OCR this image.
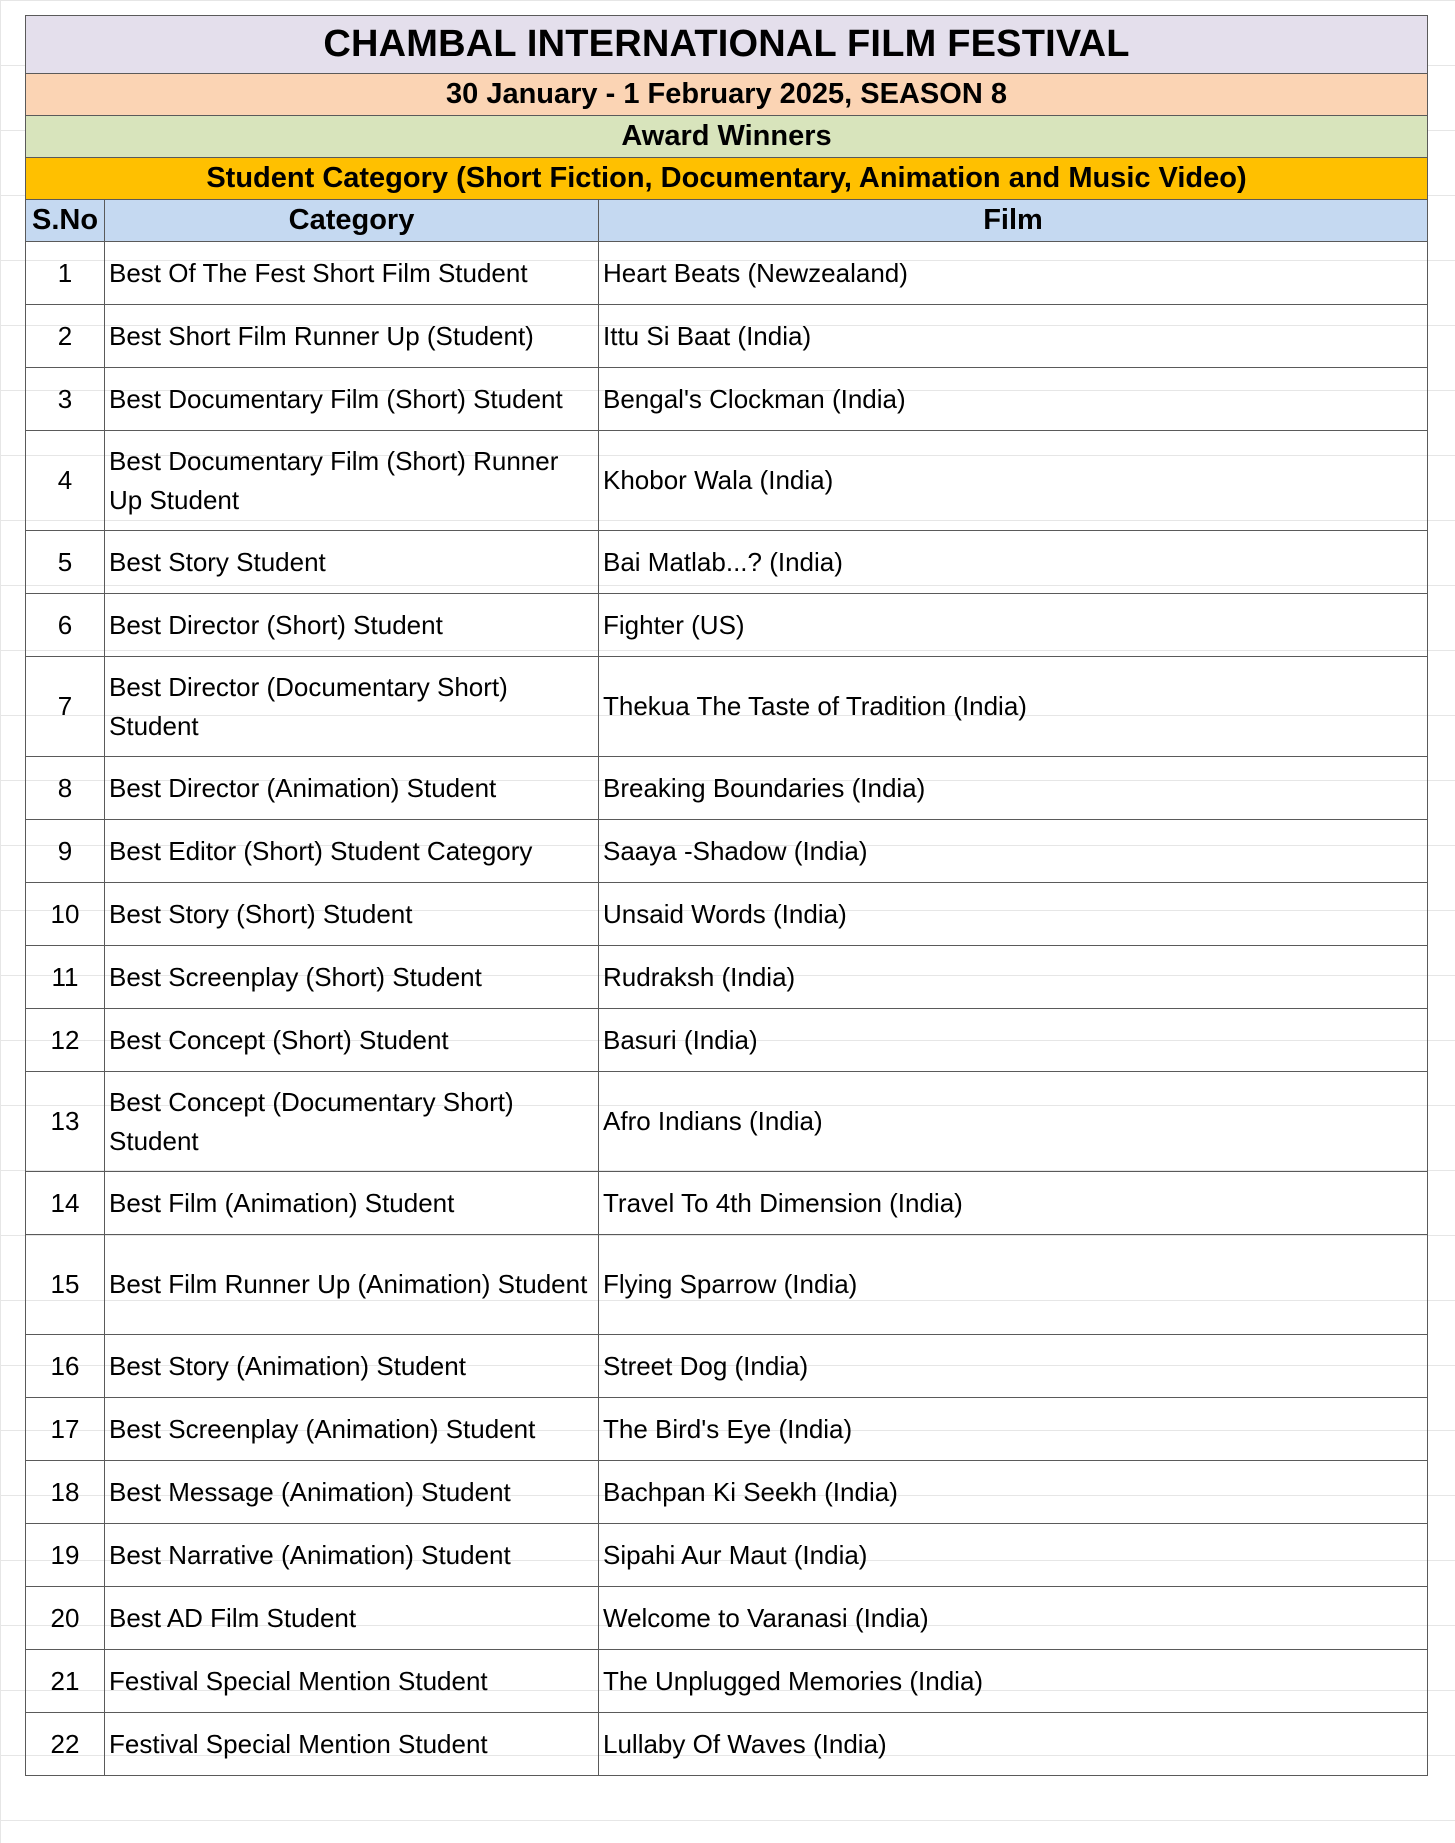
CHAMBAL INTERNATIONAL FILM FESTIVAL		
30 January - 1 February 2025, SEASON 8		
Award Winners		
Student Category (Short Fiction, Documentary, Animation and Music Video)		
S.No	Category	Film
1	Best Of The Fest Short Film Student	Heart Beats (Newzealand)
2	Best Short Film Runner Up (Student)	Ittu Si Baat (India)
3	Best Documentary Film (Short) Student	Bengal's Clockman (India)
4	Best Documentary Film (Short) Runner Up Student	Khobor Wala (India)
5	Best Story Student	Bai Matlab...? (India)
6	Best Director (Short) Student	Fighter (US)
7	Best Director (Documentary Short) Student	Thekua The Taste of Tradition (India)
8	Best Director (Animation) Student	Breaking Boundaries (India)
9	Best Editor (Short) Student Category	Saaya -Shadow (India)
10	Best Story (Short) Student	Unsaid Words (India)
11	Best Screenplay (Short) Student	Rudraksh (India)
12	Best Concept (Short) Student	Basuri (India)
13	Best Concept (Documentary Short) Student	Afro Indians (India)
14	Best Film (Animation) Student	Travel To 4th Dimension (India)
15	Best Film Runner Up (Animation) Student	Flying Sparrow (India)
16	Best Story (Animation) Student	Street Dog (India)
17	Best Screenplay (Animation) Student	The Bird's Eye (India)
18	Best Message (Animation) Student	Bachpan Ki Seekh (India)
19	Best Narrative (Animation) Student	Sipahi Aur Maut (India)
20	Best AD Film Student	Welcome to Varanasi (India)
21	Festival Special Mention Student	The Unplugged Memories (India)
22	Festival Special Mention Student	Lullaby Of Waves (India)
